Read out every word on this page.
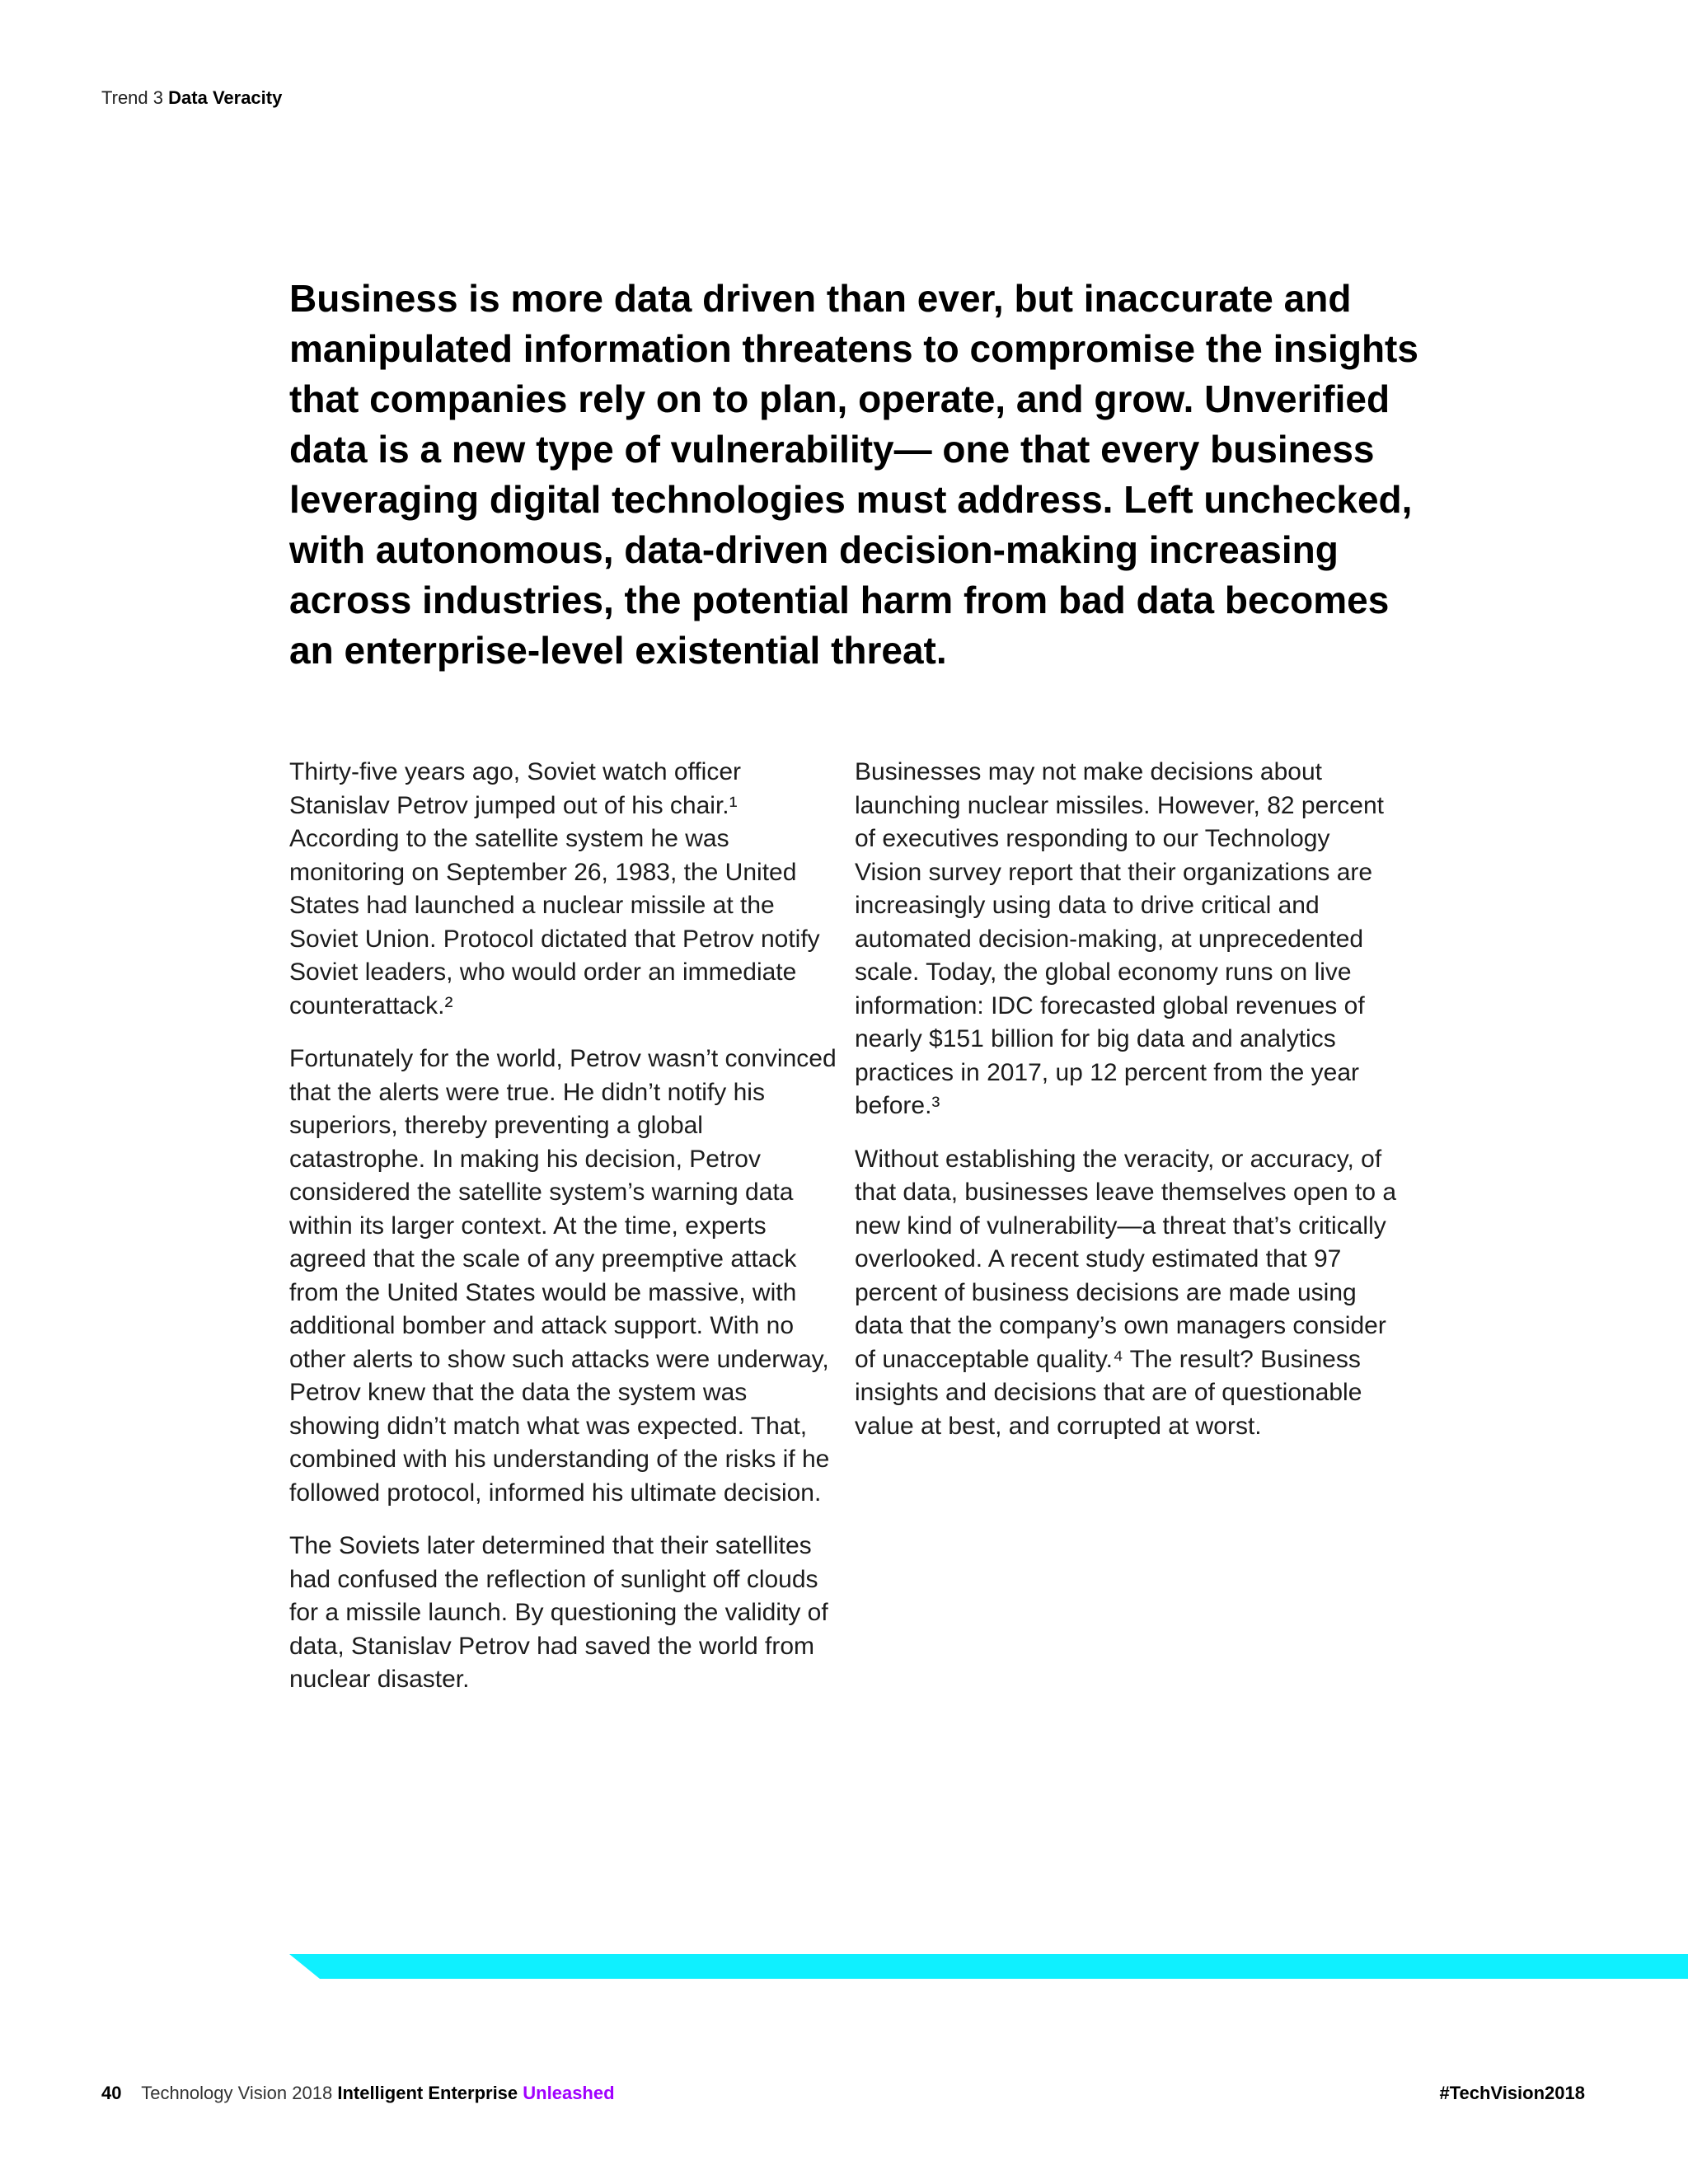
Trend 3 Data Veracity

Business is more data driven than ever, but inaccurate and manipulated information threatens to compromise the insights that companies rely on to plan, operate, and grow. Unverified data is a new type of vulnerability— one that every business leveraging digital technologies must address. Left unchecked, with autonomous, data-driven decision-making increasing across industries, the potential harm from bad data becomes an enterprise-level existential threat.

Thirty-five years ago, Soviet watch officer Stanislav Petrov jumped out of his chair.¹ According to the satellite system he was monitoring on September 26, 1983, the United States had launched a nuclear missile at the Soviet Union. Protocol dictated that Petrov notify Soviet leaders, who would order an immediate counterattack.²

Fortunately for the world, Petrov wasn’t convinced that the alerts were true. He didn’t notify his superiors, thereby preventing a global catastrophe. In making his decision, Petrov considered the satellite system’s warning data within its larger context. At the time, experts agreed that the scale of any preemptive attack from the United States would be massive, with additional bomber and attack support. With no other alerts to show such attacks were underway, Petrov knew that the data the system was showing didn’t match what was expected. That, combined with his understanding of the risks if he followed protocol, informed his ultimate decision.

The Soviets later determined that their satellites had confused the reflection of sunlight off clouds for a missile launch. By questioning the validity of data, Stanislav Petrov had saved the world from nuclear disaster.

Businesses may not make decisions about launching nuclear missiles. However, 82 percent of executives responding to our Technology Vision survey report that their organizations are increasingly using data to drive critical and automated decision-making, at unprecedented scale. Today, the global economy runs on live information: IDC forecasted global revenues of nearly $151 billion for big data and analytics practices in 2017, up 12 percent from the year before.³

Without establishing the veracity, or accuracy, of that data, businesses leave themselves open to a new kind of vulnerability—a threat that’s critically overlooked. A recent study estimated that 97 percent of business decisions are made using data that the company’s own managers consider of unacceptable quality.⁴ The result? Business insights and decisions that are of questionable value at best, and corrupted at worst.

40 Technology Vision 2018 Intelligent Enterprise Unleashed	#TechVision2018
